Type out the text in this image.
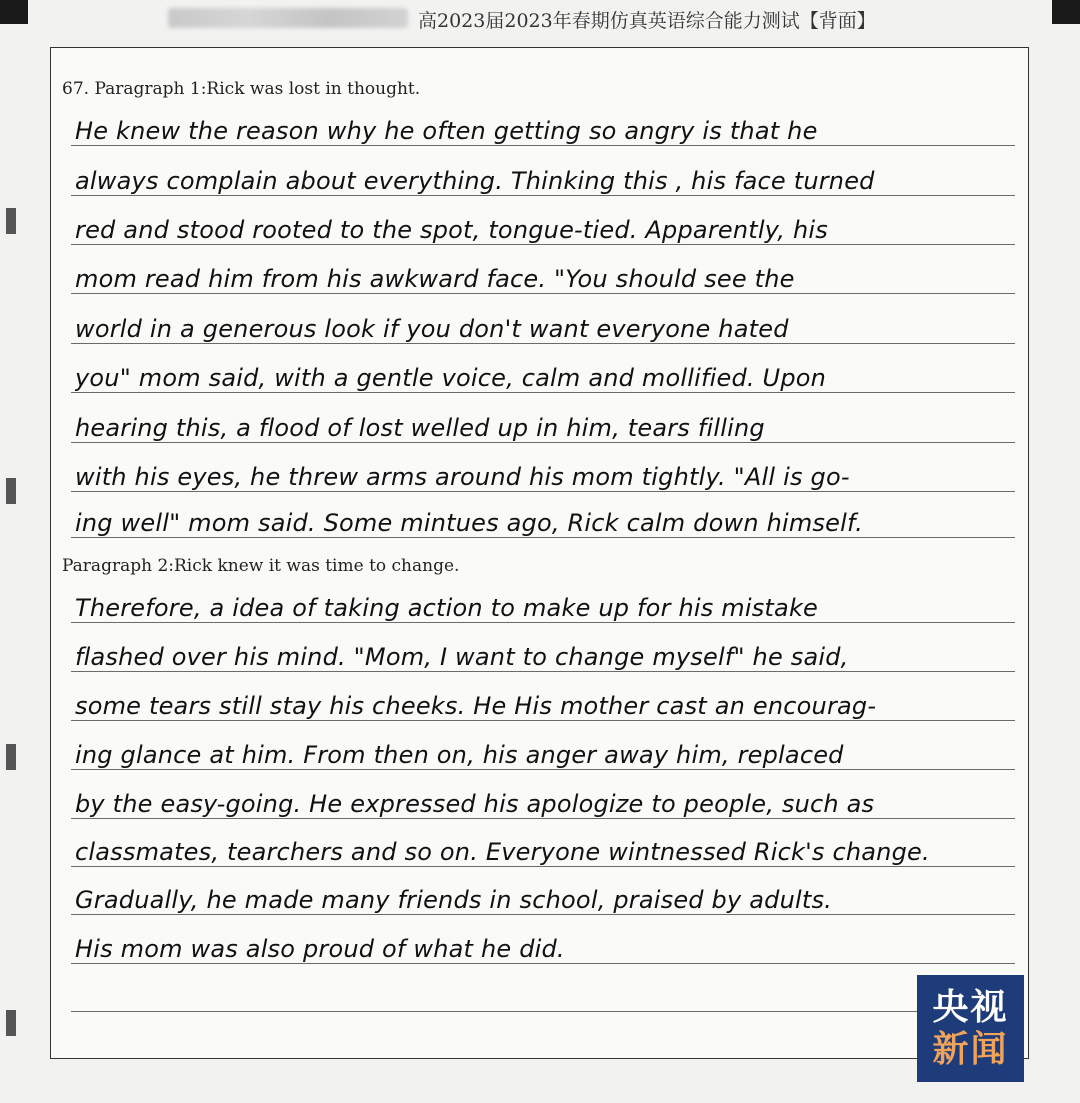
高2023届2023年春期仿真英语综合能力测试【背面】
67. Paragraph 1:Rick was lost in thought.
He knew the reason why he often getting so angry is that he
always complain about everything. Thinking this , his face turned
red and stood rooted to the spot, tongue-tied. Apparently, his
mom read him from his awkward face. "You should see the
world in a generous look if you don't want everyone hated
you" mom said, with a gentle voice, calm and mollified. Upon
hearing this, a flood of lost welled up in him, tears filling
with his eyes, he threw arms around his mom tightly. "All is go-
ing well" mom said. Some mintues ago, Rick calm down himself.
Paragraph 2:Rick knew it was time to change.
Therefore, a idea of taking action to make up for his mistake
flashed over his mind. "Mom, I want to change myself" he said,
some tears still stay his cheeks. He His mother cast an encourag-
ing glance at him. From then on, his anger away him, replaced
by the easy-going. He expressed his apologize to people, such as
classmates, tearchers and so on. Everyone wintnessed Rick's change.
Gradually, he made many friends in school, praised by adults.
His mom was also proud of what he did.
央视
新闻
